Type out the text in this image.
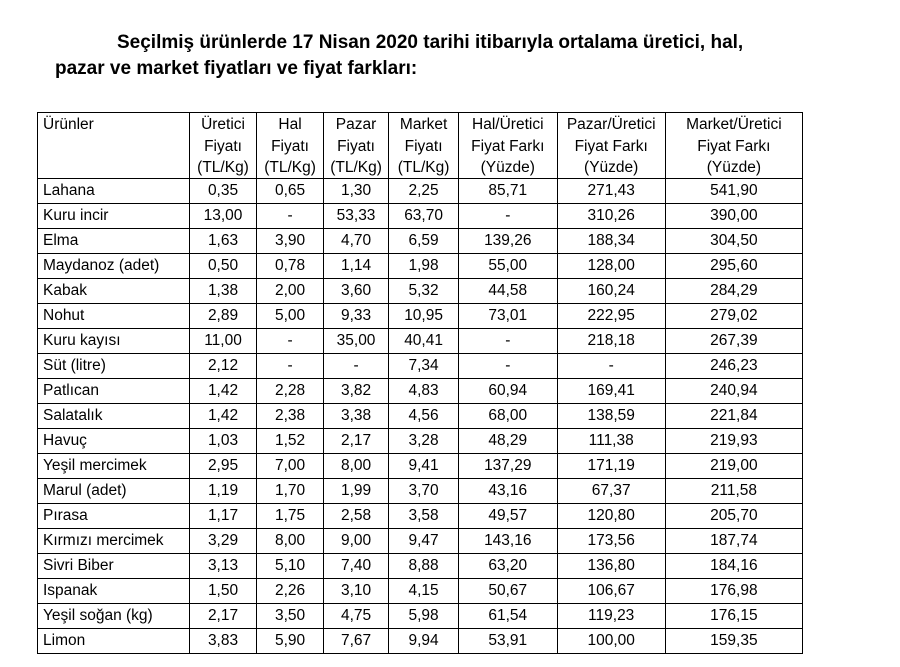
Seçilmiş ürünlerde 17 Nisan 2020 tarihi itibarıyla ortalama üretici, hal,
pazar ve market fiyatları ve fiyat farkları:
Ürünler	Üretici	Hal	Pazar	Market	Hal/Üretici	Pazar/Üretici	Market/Üretici
	Fiyatı	Fiyatı	Fiyatı	Fiyatı	Fiyat Farkı	Fiyat Farkı	Fiyat Farkı
	(TL/Kg)	(TL/Kg)	(TL/Kg)	(TL/Kg)	(Yüzde)	(Yüzde)	(Yüzde)
Lahana	0,35	0,65	1,30	2,25	85,71	271,43	541,90
Kuru incir	13,00	-	53,33	63,70	-	310,26	390,00
Elma	1,63	3,90	4,70	6,59	139,26	188,34	304,50
Maydanoz (adet)	0,50	0,78	1,14	1,98	55,00	128,00	295,60
Kabak	1,38	2,00	3,60	5,32	44,58	160,24	284,29
Nohut	2,89	5,00	9,33	10,95	73,01	222,95	279,02
Kuru kayısı	11,00	-	35,00	40,41	-	218,18	267,39
Süt (litre)	2,12	-	-	7,34	-	-	246,23
Patlıcan	1,42	2,28	3,82	4,83	60,94	169,41	240,94
Salatalık	1,42	2,38	3,38	4,56	68,00	138,59	221,84
Havuç	1,03	1,52	2,17	3,28	48,29	111,38	219,93
Yeşil mercimek	2,95	7,00	8,00	9,41	137,29	171,19	219,00
Marul (adet)	1,19	1,70	1,99	3,70	43,16	67,37	211,58
Pırasa	1,17	1,75	2,58	3,58	49,57	120,80	205,70
Kırmızı mercimek	3,29	8,00	9,00	9,47	143,16	173,56	187,74
Sivri Biber	3,13	5,10	7,40	8,88	63,20	136,80	184,16
Ispanak	1,50	2,26	3,10	4,15	50,67	106,67	176,98
Yeşil soğan (kg)	2,17	3,50	4,75	5,98	61,54	119,23	176,15
Limon	3,83	5,90	7,67	9,94	53,91	100,00	159,35
